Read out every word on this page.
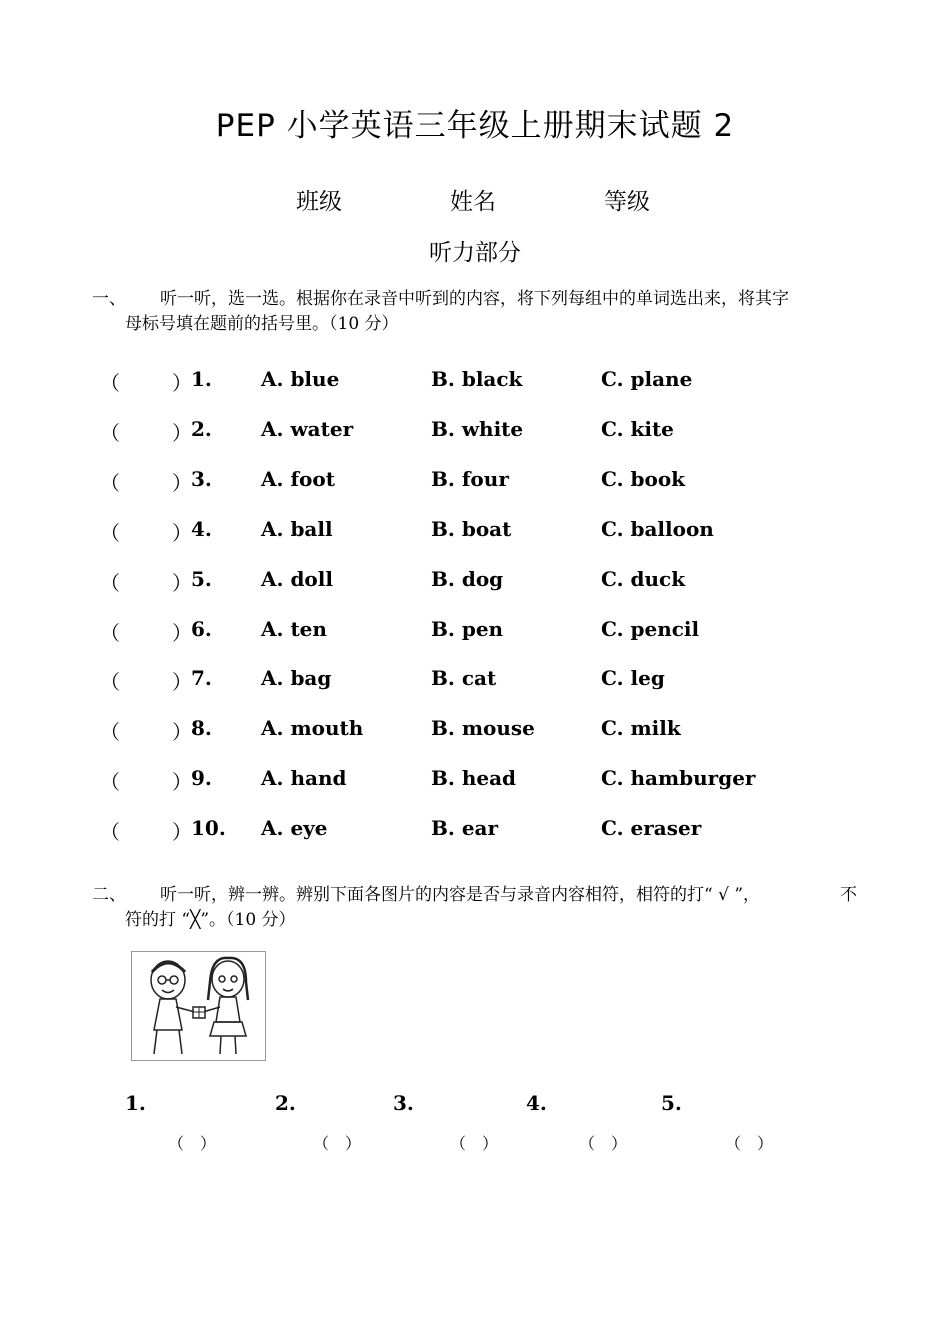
PEP 小学英语三年级上册期末试题 2
班级	姓名	等级
听力部分
一、 听一听，选一选。根据你在录音中听到的内容，将下列每组中的单词选出来，将其字
母标号填在题前的括号里。（10 分）
（	） 1. A. blue	B. black	C. plane
（	） 2. A. water	B. white	C. kite
（	） 3. A. foot	B. four	C. book
（	） 4. A. ball	B. boat	C. balloon
（	） 5. A. doll	B. dog	C. duck
（	） 6. A. ten	B. pen	C. pencil
（	） 7. A. bag	B. cat	C. leg
（	） 8. A. mouth	B. mouse	C. milk
（	） 9. A. hand	B. head	C. hamburger
（	） 10. A. eye	B. ear	C. eraser
二、 听一听，辨一辨。辨别下面各图片的内容是否与录音内容相符，相符的打“ √ ”，	不
符的打 “╳”。（10 分）
1.	2.	3.	4.	5.
（　）	（　）	（　）	（　）	（　）
